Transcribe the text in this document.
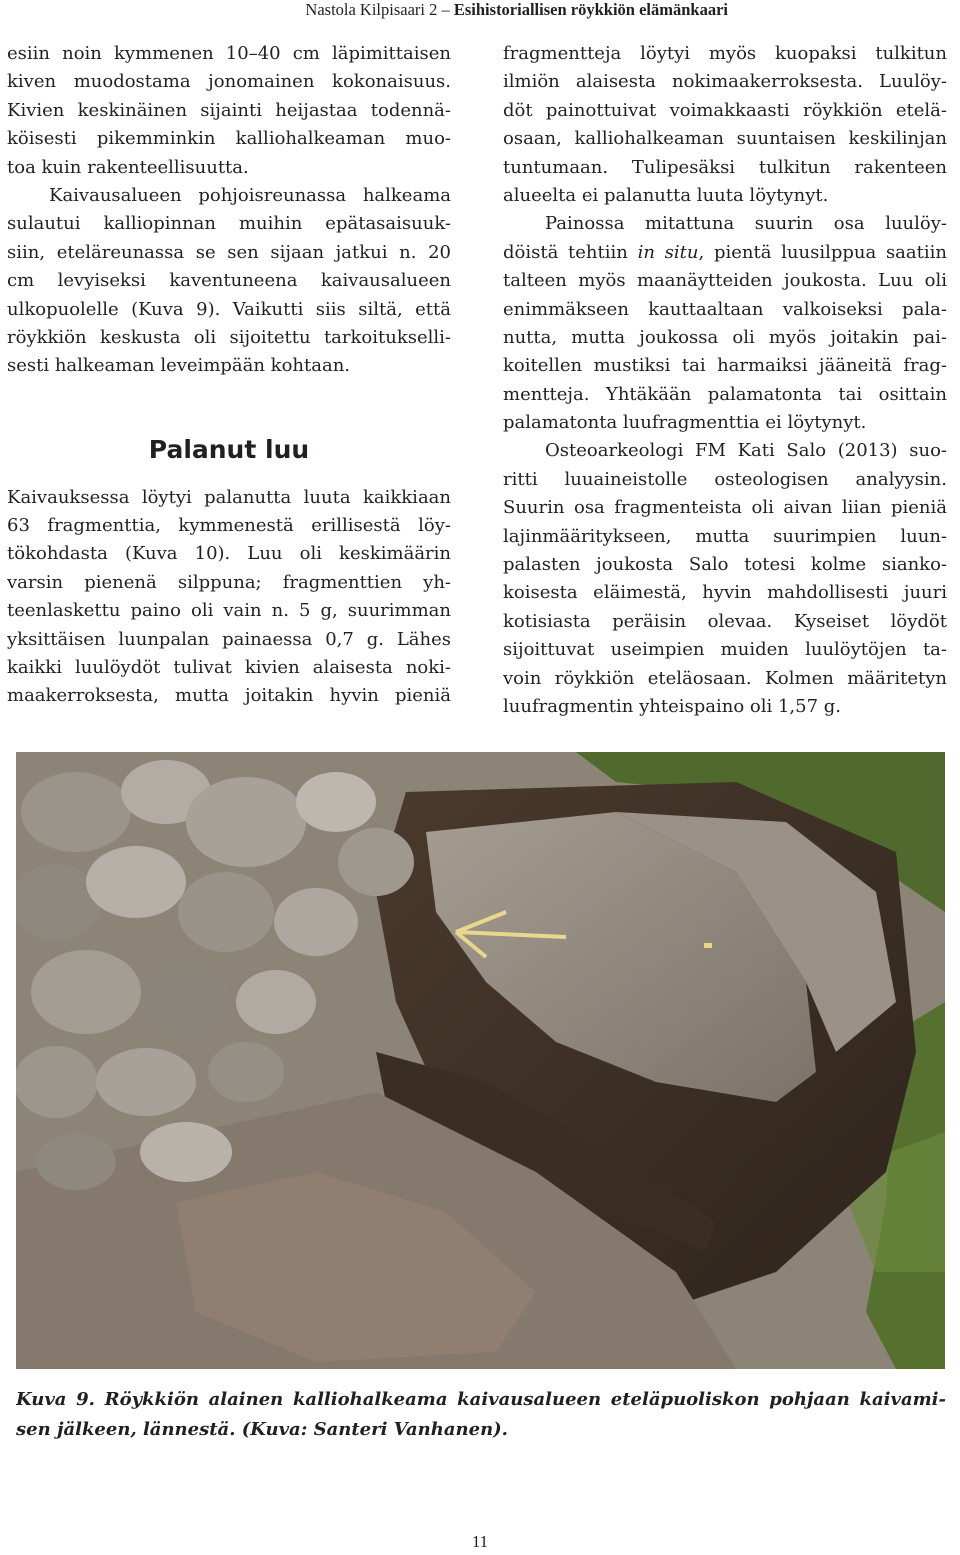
Nastola Kilpisaari 2 – Esihistoriallisen röykkiön elämänkaari
esiin noin kymmenen 10–40 cm läpimittaisen
kiven muodostama jonomainen kokonaisuus.
Kivien keskinäinen sijainti heijastaa todennä-
köisesti pikemminkin kalliohalkeaman muo-
toa kuin rakenteellisuutta.
Kaivausalueen pohjoisreunassa halkeama
sulautui kalliopinnan muihin epätasaisuuk-
siin, eteläreunassa se sen sijaan jatkui n. 20
cm levyiseksi kaventuneena kaivausalueen
ulkopuolelle (Kuva 9). Vaikutti siis siltä, että
röykkiön keskusta oli sijoitettu tarkoitukselli-
sesti halkeaman leveimpään kohtaan.
Palanut luu
Kaivauksessa löytyi palanutta luuta kaikkiaan
63 fragmenttia, kymmenestä erillisestä löy-
tökohdasta (Kuva 10). Luu oli keskimäärin
varsin pienenä silppuna; fragmenttien yh-
teenlaskettu paino oli vain n. 5 g, suurimman
yksittäisen luunpalan painaessa 0,7 g. Lähes
kaikki luulöydöt tulivat kivien alaisesta noki-
maakerroksesta, mutta joitakin hyvin pieniä
fragmentteja löytyi myös kuopaksi tulkitun
ilmiön alaisesta nokimaakerroksesta. Luulöy-
döt painottuivat voimakkaasti röykkiön etelä-
osaan, kalliohalkeaman suuntaisen keskilinjan
tuntumaan. Tulipesäksi tulkitun rakenteen
alueelta ei palanutta luuta löytynyt.
Painossa mitattuna suurin osa luulöy-
döistä tehtiin in situ, pientä luusilppua saatiin
talteen myös maanäytteiden joukosta. Luu oli
enimmäkseen kauttaaltaan valkoiseksi pala-
nutta, mutta joukossa oli myös joitakin pai-
koitellen mustiksi tai harmaiksi jääneitä frag-
mentteja. Yhtäkään palamatonta tai osittain
palamatonta luufragmenttia ei löytynyt.
Osteoarkeologi FM Kati Salo (2013) suo-
ritti luuaineistolle osteologisen analyysin.
Suurin osa fragmenteista oli aivan liian pieniä
lajinmääritykseen, mutta suurimpien luun-
palasten joukosta Salo totesi kolme sianko-
koisesta eläimestä, hyvin mahdollisesti juuri
kotisiasta peräisin olevaa. Kyseiset löydöt
sijoittuvat useimpien muiden luulöytöjen ta-
voin röykkiön eteläosaan. Kolmen määritetyn
luufragmentin yhteispaino oli 1,57 g.
Kuva 9. Röykkiön alainen kalliohalkeama kaivausalueen eteläpuoliskon pohjaan kaivami-
sen jälkeen, lännestä. (Kuva: Santeri Vanhanen).
11
